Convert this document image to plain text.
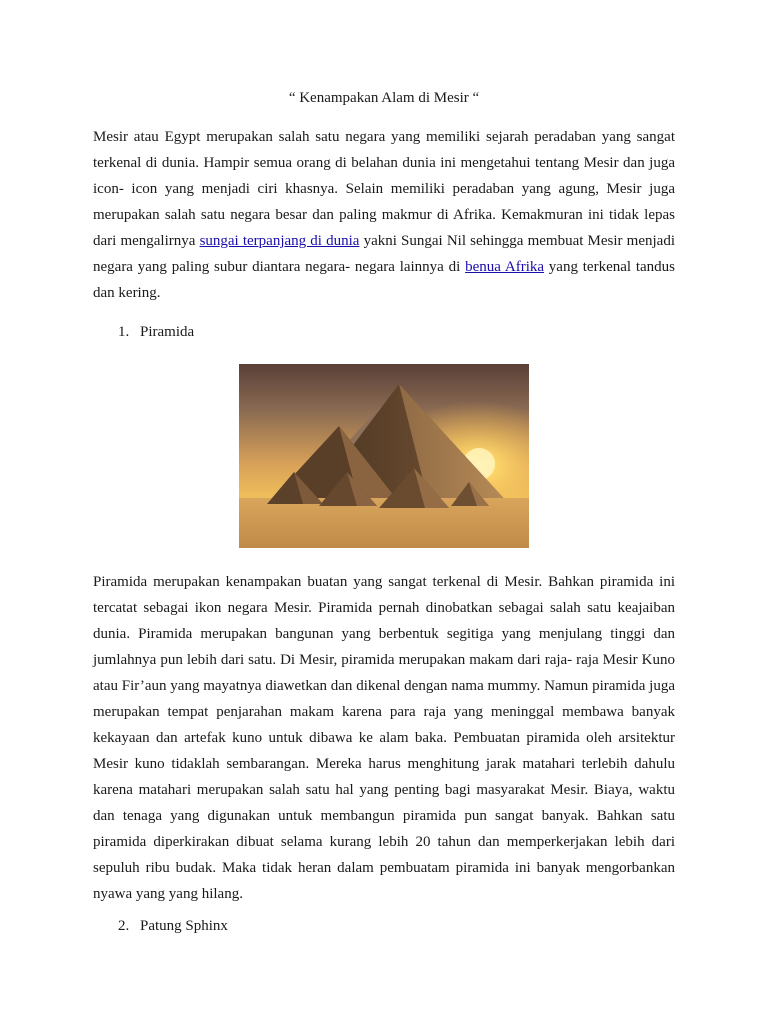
“ Kenampakan Alam di Mesir “

Mesir atau Egypt merupakan salah satu negara yang memiliki sejarah peradaban yang sangat terkenal di dunia. Hampir semua orang di belahan dunia ini mengetahui tentang Mesir dan juga icon- icon yang menjadi ciri khasnya. Selain memiliki peradaban yang agung, Mesir juga merupakan salah satu negara besar dan paling makmur di Afrika. Kemakmuran ini tidak lepas dari mengalirnya sungai terpanjang di dunia yakni Sungai Nil sehingga membuat Mesir menjadi negara yang paling subur diantara negara- negara lainnya di benua Afrika yang terkenal tandus dan kering.

1. Piramida

Piramida merupakan kenampakan buatan yang sangat terkenal di Mesir. Bahkan piramida ini tercatat sebagai ikon negara Mesir. Piramida pernah dinobatkan sebagai salah satu keajaiban dunia. Piramida merupakan bangunan yang berbentuk segitiga yang menjulang tinggi dan jumlahnya pun lebih dari satu. Di Mesir, piramida merupakan makam dari raja- raja Mesir Kuno atau Fir’aun yang mayatnya diawetkan dan dikenal dengan nama mummy. Namun piramida juga merupakan tempat penjarahan makam karena para raja yang meninggal membawa banyak kekayaan dan artefak kuno untuk dibawa ke alam baka. Pembuatan piramida oleh arsitektur Mesir kuno tidaklah sembarangan. Mereka harus menghitung jarak matahari terlebih dahulu karena matahari merupakan salah satu hal yang penting bagi masyarakat Mesir. Biaya, waktu dan tenaga yang digunakan untuk membangun piramida pun sangat banyak. Bahkan satu piramida diperkirakan dibuat selama kurang lebih 20 tahun dan memperkerjakan lebih dari sepuluh ribu budak. Maka tidak heran dalam pembuatam piramida ini banyak mengorbankan nyawa yang yang hilang.

2. Patung Sphinx
